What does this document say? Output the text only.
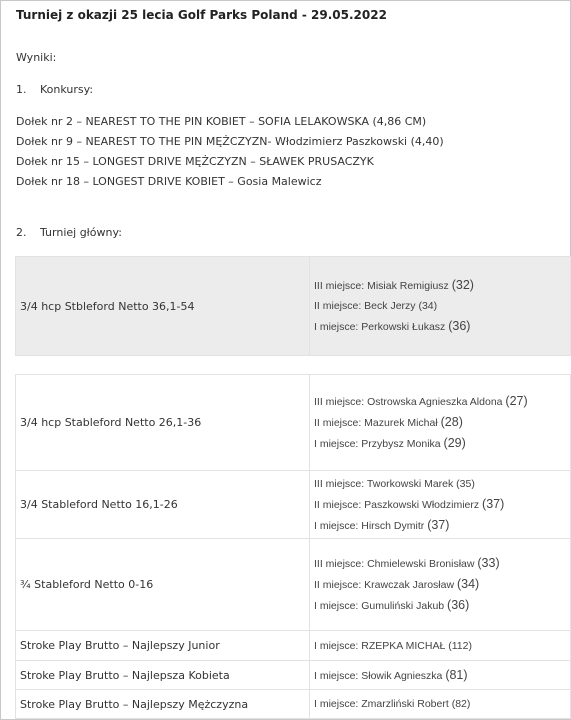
Turniej z okazji 25 lecia Golf Parks Poland - 29.05.2022
Wyniki:
1. Konkursy:
Dołek nr 2 – NEAREST TO THE PIN KOBIET – SOFIA LELAKOWSKA (4,86 CM)
Dołek nr 9 – NEAREST TO THE PIN MĘŻCZYZN- Włodzimierz Paszkowski (4,40)
Dołek nr 15 – LONGEST DRIVE MĘŻCZYZN – SŁAWEK PRUSACZYK
Dołek nr 18 – LONGEST DRIVE KOBIET – Gosia Malewicz
2. Turniej główny:
3/4 hcp Stbleford Netto 36,1-54	III miejsce: Misiak Remigiusz (32)
II miejsce: Beck Jerzy (34)
I miejsce: Perkowski Łukasz (36)

3/4 hcp Stableford Netto 26,1-36	III miejsce: Ostrowska Agnieszka Aldona (27)
II miejsce: Mazurek Michał (28)
I miejsce: Przybysz Monika (29)

3/4 Stableford Netto 16,1-26	III miejsce: Tworkowski Marek (35)
II miejsce: Paszkowski Włodzimierz (37)
I miejsce: Hirsch Dymitr (37)

¾ Stableford Netto 0-16	III miejsce: Chmielewski Bronisław (33)
II miejsce: Krawczak Jarosław (34)
I miejsce: Gumuliński Jakub (36)

Stroke Play Brutto – Najlepszy Junior	I miejsce: RZEPKA MICHAŁ (112)

Stroke Play Brutto – Najlepsza Kobieta	I miejsce: Słowik Agnieszka (81)

Stroke Play Brutto – Najlepszy Mężczyzna	I miejsce: Zmarzliński Robert (82)
